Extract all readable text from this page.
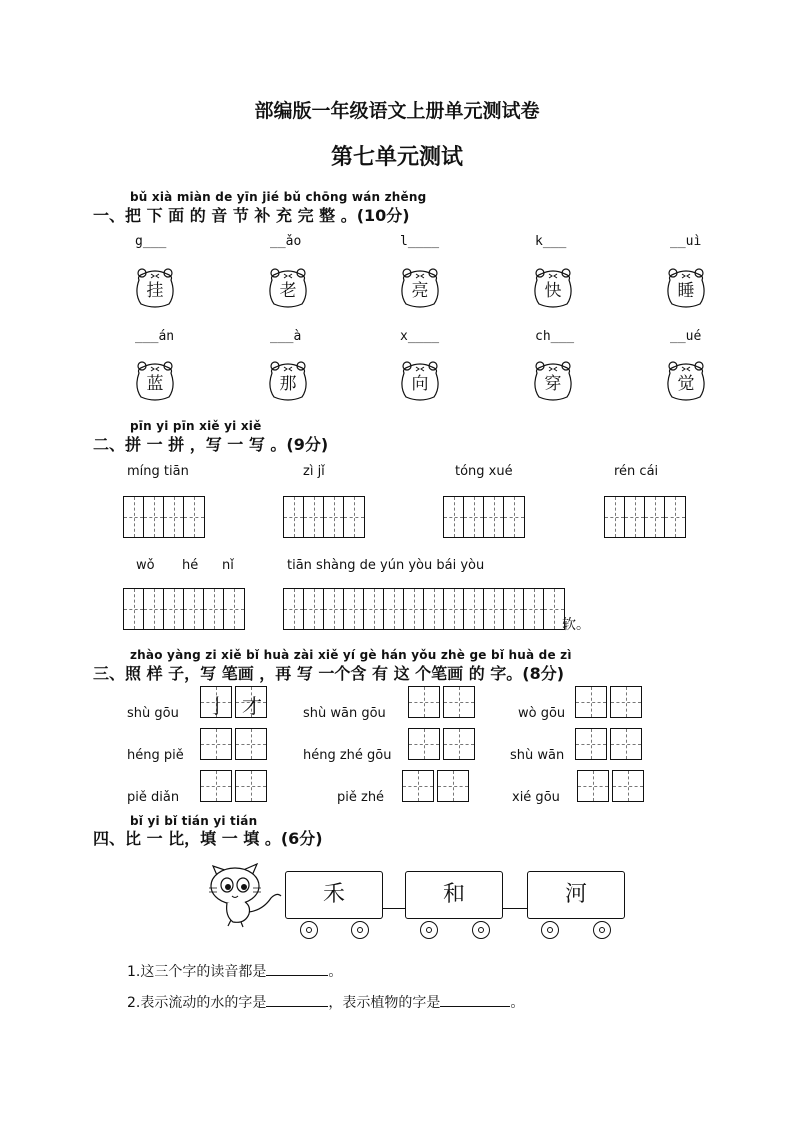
部编版一年级语文上册单元测试卷
第七单元测试
bǔ xià miàn de yīn jié bǔ chōng wán zhěng
一、把 下 面 的 音 节 补 充 完 整 。(10分)
g___	__ǎo	l____	k___	__uì
挂	老	亮	快	睡
___án	___à	x____	ch___	__ué
蓝	那	向	穿	觉
pīn yi pīn xiě yi xiě
二、拼 一 拼 ，写 一 写 。(9分)
míng tiān	zì jǐ	tóng xué	rén cái
wǒ hé nǐ	tiān shàng de yún yòu bái yòu
软。
zhào yàng zi xiě bǐ huà zài xiě yí gè hán yǒu zhè ge bǐ huà de zì
三、照 样 子，写 笔画 ，再 写 一个含 有 这 个笔画 的 字。(8分)
shù gōu	亅 才	shù wān gōu	wò gōu
héng piě	héng zhé gōu	shù wān
piě diǎn	piě zhé	xié gōu
bǐ yi bǐ tián yi tián
四、比 一 比，填 一 填 。(6分)
禾	和	河
1.这三个字的读音都是	。
2.表示流动的水的字是	，表示植物的字是	。
